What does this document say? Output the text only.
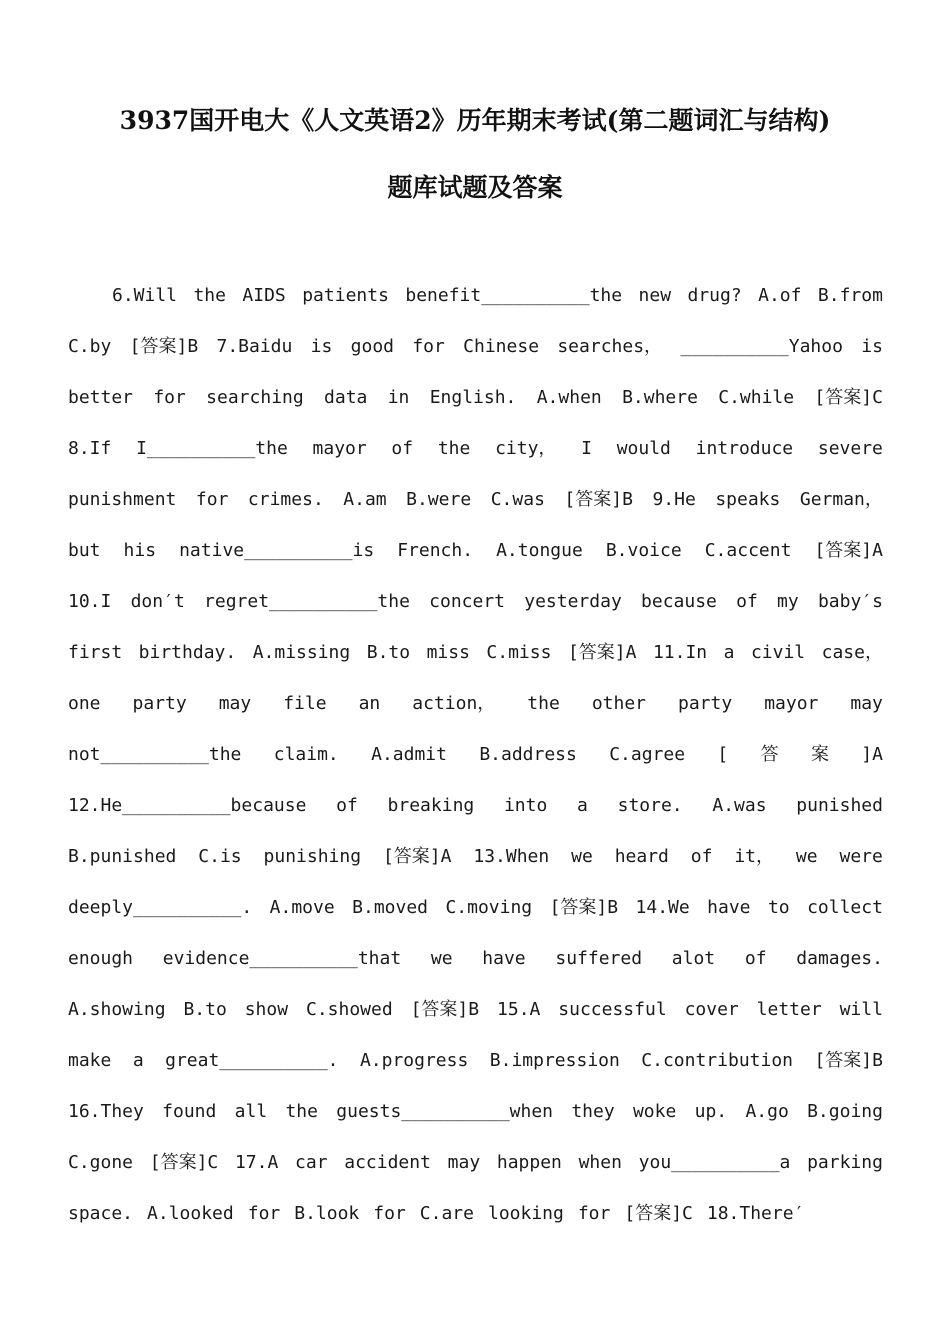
3937国开电大《人文英语2》历年期末考试(第二题词汇与结构)
题库试题及答案
6.Will the AIDS patients benefit__________the new drug? A.of B.from
C.by [答案]B 7.Baidu is good for Chinese searches， __________Yahoo is
better for searching data in English. A.when B.where C.while [答案]C
8.If I__________the mayor of the city， I would introduce severe
punishment for crimes. A.am B.were C.was [答案]B 9.He speaks German，
but his native__________is French. A.tongue B.voice C.accent [答案]A
10.I don′t regret__________the concert yesterday because of my baby′s
first birthday. A.missing B.to miss C.miss [答案]A 11.In a civil case，
one party may file an action， the other party mayor may
not__________the claim. A.admit B.address C.agree [ 答 案 ]A
12.He__________because of breaking into a store. A.was punished
B.punished C.is punishing [答案]A 13.When we heard of it， we were
deeply__________. A.move B.moved C.moving [答案]B 14.We have to collect
enough evidence__________that we have suffered alot of damages.
A.showing B.to show C.showed [答案]B 15.A successful cover letter will
make a great__________. A.progress B.impression C.contribution [答案]B
16.They found all the guests__________when they woke up. A.go B.going
C.gone [答案]C 17.A car accident may happen when you__________a parking
space. A.looked for B.look for C.are looking for [答案]C 18.There′
